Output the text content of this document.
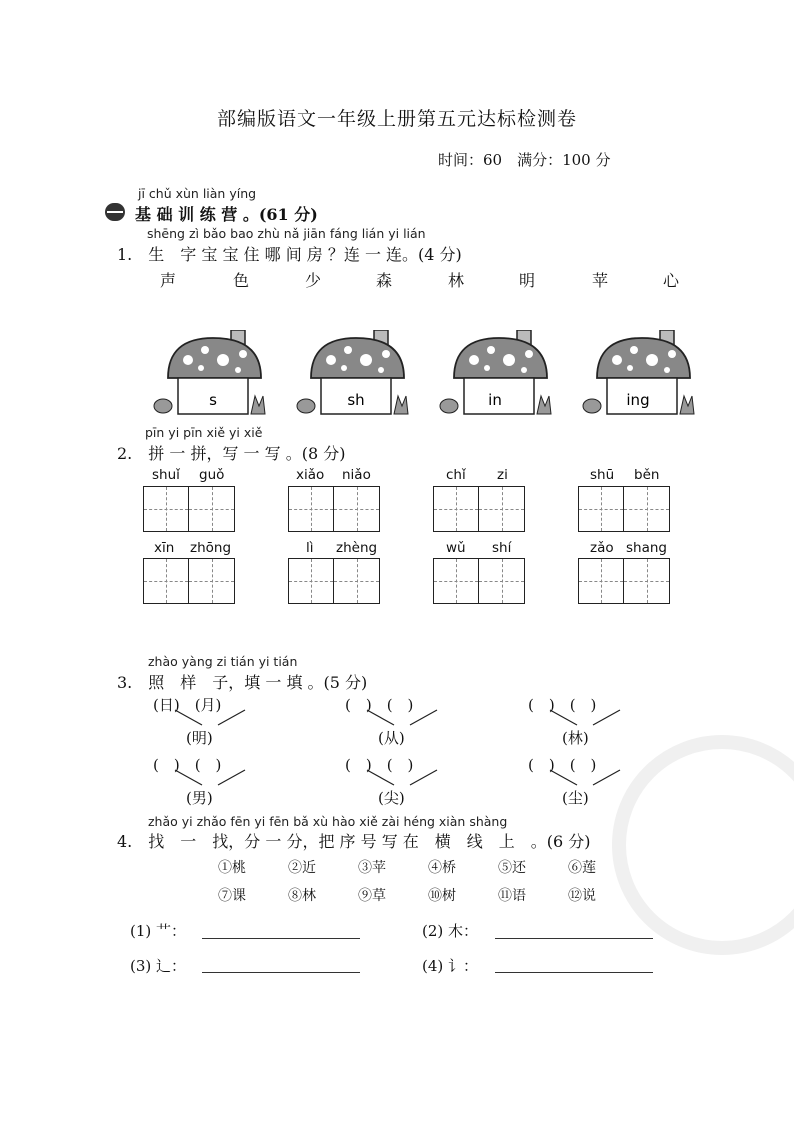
部编版语文一年级上册第五元达标检测卷
时间：60　满分：100 分
jī chǔ xùn liàn yíng
基 础 训 练 营 。(61 分)
shēng zì bǎo bao zhù nǎ jiān fáng lián yi lián
1.　生　字 宝 宝 住 哪 间 房 ？连 一 连。(4 分)
声	色	少	森	林	明	苹	心
s	sh	in	ing
pīn yi pīn xiě yi xiě
2.　拼 一 拼，写 一 写 。(8 分)
shuǐ guǒ	xiǎo niǎo	chǐ zi	shū běn
xīn zhōng	lì zhèng	wǔ shí	zǎo shang
zhào yàng zi tián yi tián
3.　照　样　子，填 一 填 。(5 分)
(日)　(月)	(　)　(　)	(　)　(　)
(明)	(从)	(林)
(　)　(　)	(　)　(　)	(　)　(　)
(男)	(尖)	(尘)
zhǎo yi zhǎo fēn yi fēn bǎ xù hào xiě zài héng xiàn shàng
4.　找　一　找，分 一 分，把 序 号 写 在　横　线　上　。(6 分)
①桃	②近	③苹	④桥	⑤还	⑥莲
⑦课	⑧林	⑨草	⑩树	⑪语	⑫说
(1) 艹：	(2) 木：
(3) 辶：	(4) 讠：
